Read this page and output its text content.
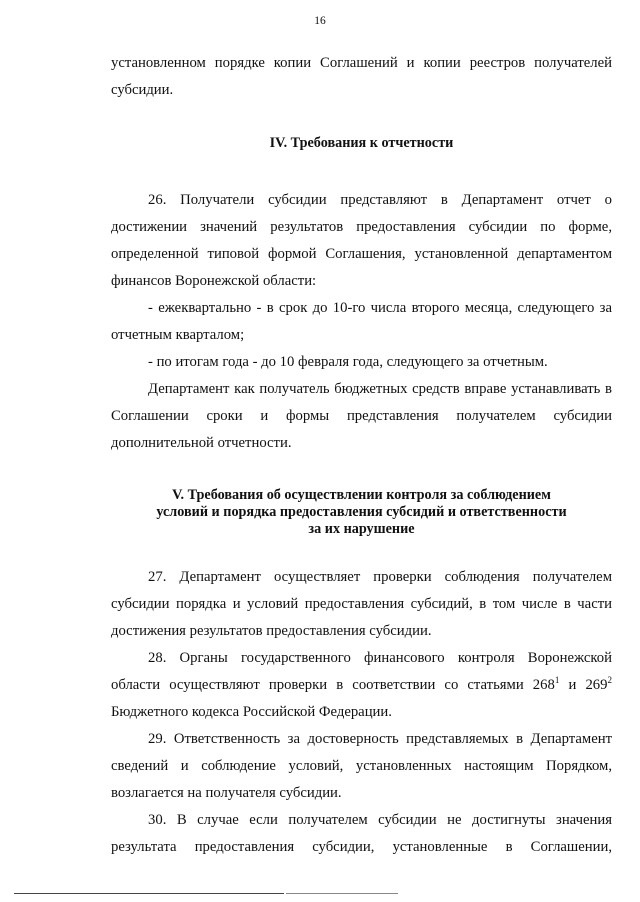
16

установленном порядке копии Соглашений и копии реестров получателей субсидии.

IV. Требования к отчетности

26. Получатели субсидии представляют в Департамент отчет о достижении значений результатов предоставления субсидии по форме, определенной типовой формой Соглашения, установленной департаментом финансов Воронежской области:

- ежеквартально - в срок до 10-го числа второго месяца, следующего за отчетным кварталом;

- по итогам года - до 10 февраля года, следующего за отчетным.

Департамент как получатель бюджетных средств вправе устанавливать в Соглашении сроки и формы представления получателем субсидии дополнительной отчетности.

V. Требования об осуществлении контроля за соблюдением
условий и порядка предоставления субсидий и ответственности
за их нарушение

27. Департамент осуществляет проверки соблюдения получателем субсидии порядка и условий предоставления субсидий, в том числе в части достижения результатов предоставления субсидии.

28. Органы государственного финансового контроля Воронежской области осуществляют проверки в соответствии со статьями $268^1$ и $269^2$ Бюджетного кодекса Российской Федерации.

29. Ответственность за достоверность представляемых в Департамент сведений и соблюдение условий, установленных настоящим Порядком, возлагается на получателя субсидии.

30. В случае если получателем субсидии не достигнуты значения результата предоставления субсидии, установленные в Соглашении,
